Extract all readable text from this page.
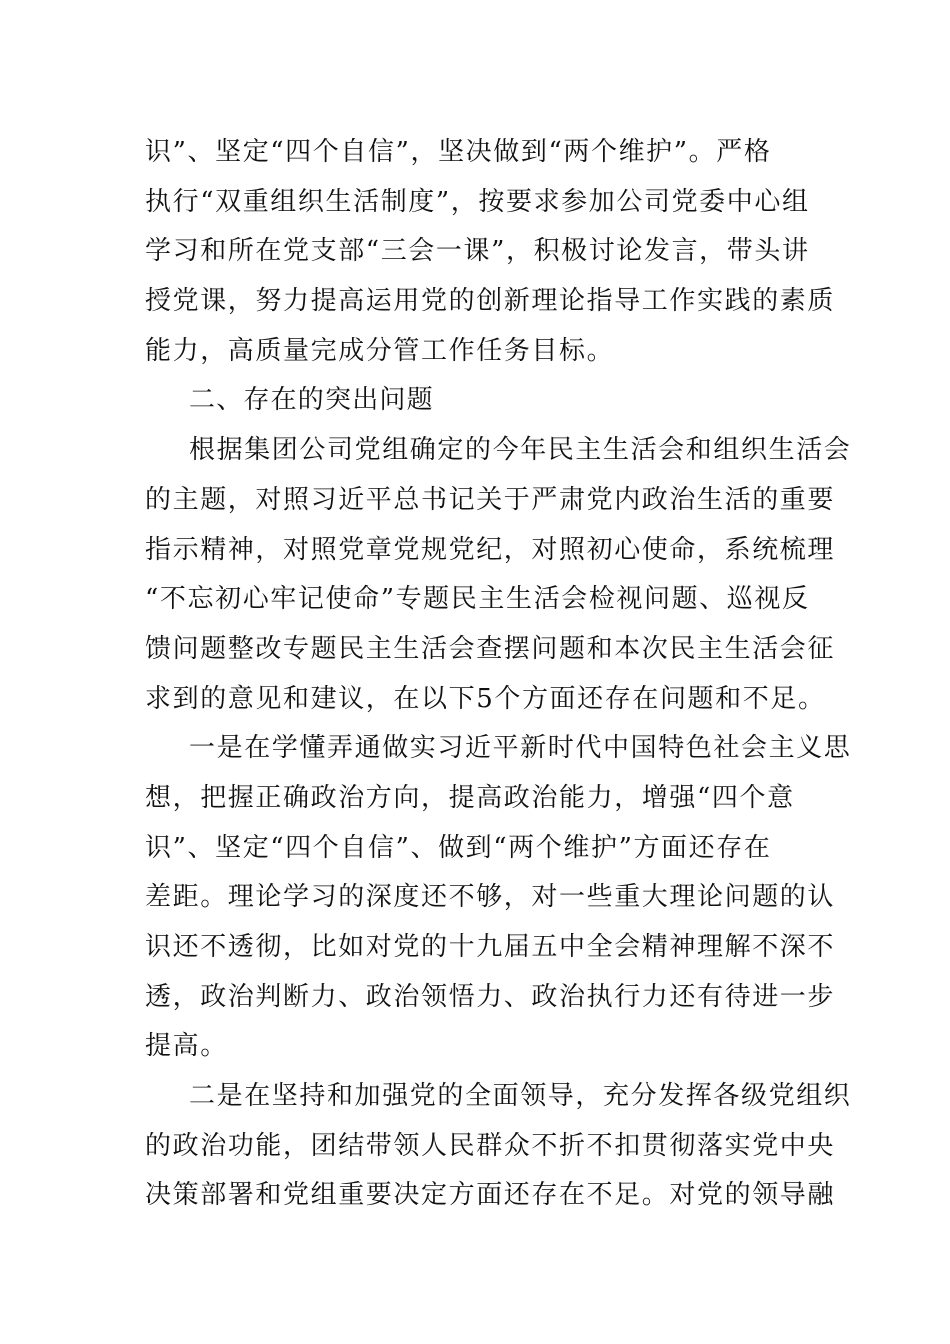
识”、坚定“四个自信”，坚决做到“两个维护”。严格
执行“双重组织生活制度”，按要求参加公司党委中心组
学习和所在党支部“三会一课”，积极讨论发言，带头讲
授党课，努力提高运用党的创新理论指导工作实践的素质
能力，高质量完成分管工作任务目标。
二、存在的突出问题
根据集团公司党组确定的今年民主生活会和组织生活会
的主题，对照习近平总书记关于严肃党内政治生活的重要
指示精神，对照党章党规党纪，对照初心使命，系统梳理
“不忘初心牢记使命”专题民主生活会检视问题、巡视反
馈问题整改专题民主生活会查摆问题和本次民主生活会征
求到的意见和建议，在以下5个方面还存在问题和不足。
一是在学懂弄通做实习近平新时代中国特色社会主义思
想，把握正确政治方向，提高政治能力，增强“四个意
识”、坚定“四个自信”、做到“两个维护”方面还存在
差距。理论学习的深度还不够，对一些重大理论问题的认
识还不透彻，比如对党的十九届五中全会精神理解不深不
透，政治判断力、政治领悟力、政治执行力还有待进一步
提高。
二是在坚持和加强党的全面领导，充分发挥各级党组织
的政治功能，团结带领人民群众不折不扣贯彻落实党中央
决策部署和党组重要决定方面还存在不足。对党的领导融
